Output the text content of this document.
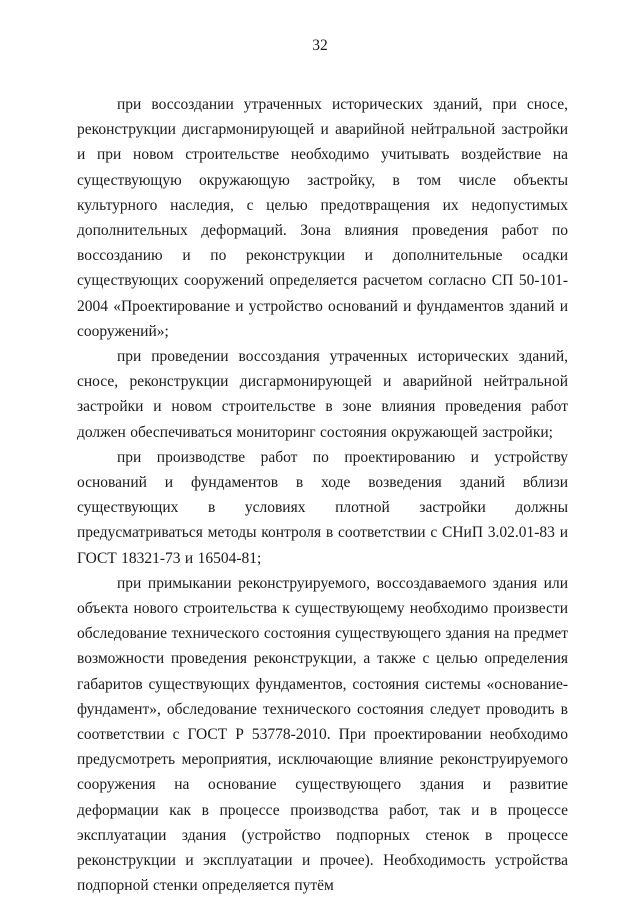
32

при воссоздании утраченных исторических зданий, при сносе, реконструкции дисгармонирующей и аварийной нейтральной застройки и при новом строительстве необходимо учитывать воздействие на существующую окружающую застройку, в том числе объекты культурного наследия, с целью предотвращения их недопустимых дополнительных деформаций. Зона влияния проведения работ по воссозданию и по реконструкции и дополнительные осадки существующих сооружений определяется расчетом согласно СП 50-101-2004 «Проектирование и устройство оснований и фундаментов зданий и сооружений»;

при проведении воссоздания утраченных исторических зданий, сносе, реконструкции дисгармонирующей и аварийной нейтральной застройки и новом строительстве в зоне влияния проведения работ должен обеспечиваться мониторинг состояния окружающей застройки;

при производстве работ по проектированию и устройству оснований и фундаментов в ходе возведения зданий вблизи существующих в условиях плотной застройки должны предусматриваться методы контроля в соответствии с СНиП 3.02.01-83 и ГОСТ 18321-73 и 16504-81;

при примыкании реконструируемого, воссоздаваемого здания или объекта нового строительства к существующему необходимо произвести обследование технического состояния существующего здания на предмет возможности проведения реконструкции, а также с целью определения габаритов существующих фундаментов, состояния системы «основание-фундамент», обследование технического состояния следует проводить в соответствии с ГОСТ Р 53778-2010. При проектировании необходимо предусмотреть мероприятия, исключающие влияние реконструируемого сооружения на основание существующего здания и развитие деформации как в процессе производства работ, так и в процессе эксплуатации здания (устройство подпорных стенок в процессе реконструкции и эксплуатации и прочее). Необходимость устройства подпорной стенки определяется путём
